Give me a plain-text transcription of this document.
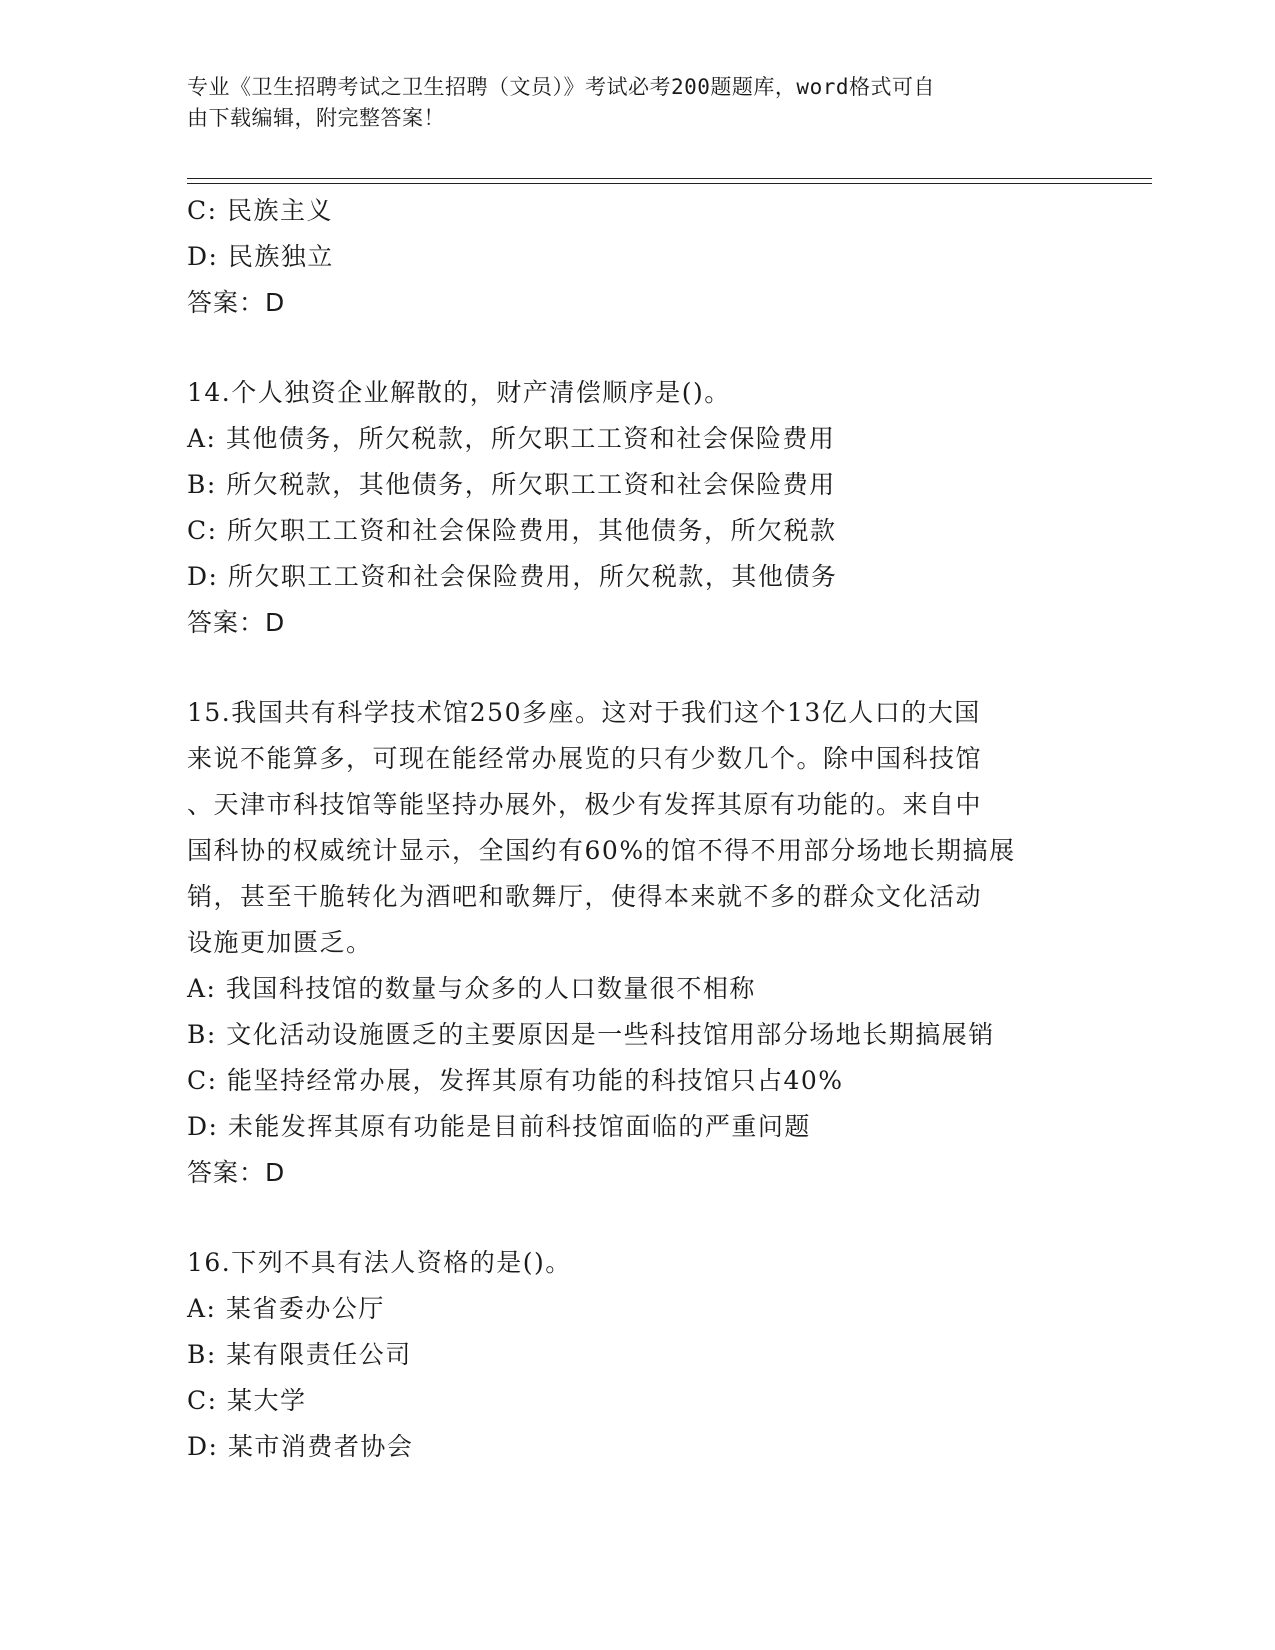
专业《卫生招聘考试之卫生招聘（文员）》考试必考200题题库，word格式可自
由下载编辑，附完整答案！
C: 民族主义
D: 民族独立
答案：D
14.个人独资企业解散的，财产清偿顺序是()。
A: 其他债务，所欠税款，所欠职工工资和社会保险费用
B: 所欠税款，其他债务，所欠职工工资和社会保险费用
C: 所欠职工工资和社会保险费用，其他债务，所欠税款
D: 所欠职工工资和社会保险费用，所欠税款，其他债务
答案：D
15.我国共有科学技术馆250多座。这对于我们这个13亿人口的大国
来说不能算多，可现在能经常办展览的只有少数几个。除中国科技馆
、天津市科技馆等能坚持办展外，极少有发挥其原有功能的。来自中
国科协的权威统计显示，全国约有60%的馆不得不用部分场地长期搞展
销，甚至干脆转化为酒吧和歌舞厅，使得本来就不多的群众文化活动
设施更加匮乏。
A: 我国科技馆的数量与众多的人口数量很不相称
B: 文化活动设施匮乏的主要原因是一些科技馆用部分场地长期搞展销
C: 能坚持经常办展，发挥其原有功能的科技馆只占40%
D: 未能发挥其原有功能是目前科技馆面临的严重问题
答案：D
16.下列不具有法人资格的是()。
A: 某省委办公厅
B: 某有限责任公司
C: 某大学
D: 某市消费者协会
